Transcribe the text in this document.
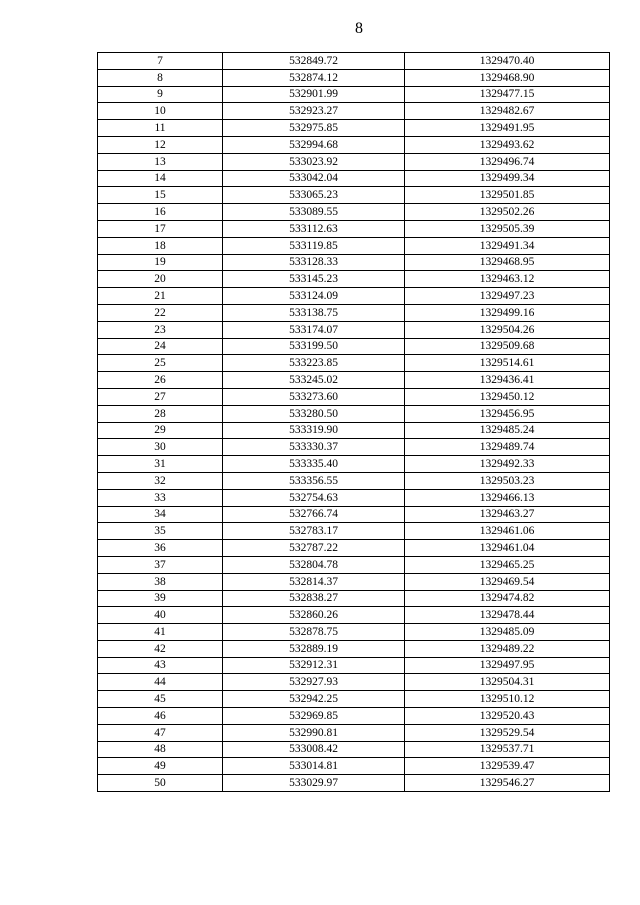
8
7	532849.72	1329470.40
8	532874.12	1329468.90
9	532901.99	1329477.15
10	532923.27	1329482.67
11	532975.85	1329491.95
12	532994.68	1329493.62
13	533023.92	1329496.74
14	533042.04	1329499.34
15	533065.23	1329501.85
16	533089.55	1329502.26
17	533112.63	1329505.39
18	533119.85	1329491.34
19	533128.33	1329468.95
20	533145.23	1329463.12
21	533124.09	1329497.23
22	533138.75	1329499.16
23	533174.07	1329504.26
24	533199.50	1329509.68
25	533223.85	1329514.61
26	533245.02	1329436.41
27	533273.60	1329450.12
28	533280.50	1329456.95
29	533319.90	1329485.24
30	533330.37	1329489.74
31	533335.40	1329492.33
32	533356.55	1329503.23
33	532754.63	1329466.13
34	532766.74	1329463.27
35	532783.17	1329461.06
36	532787.22	1329461.04
37	532804.78	1329465.25
38	532814.37	1329469.54
39	532838.27	1329474.82
40	532860.26	1329478.44
41	532878.75	1329485.09
42	532889.19	1329489.22
43	532912.31	1329497.95
44	532927.93	1329504.31
45	532942.25	1329510.12
46	532969.85	1329520.43
47	532990.81	1329529.54
48	533008.42	1329537.71
49	533014.81	1329539.47
50	533029.97	1329546.27
